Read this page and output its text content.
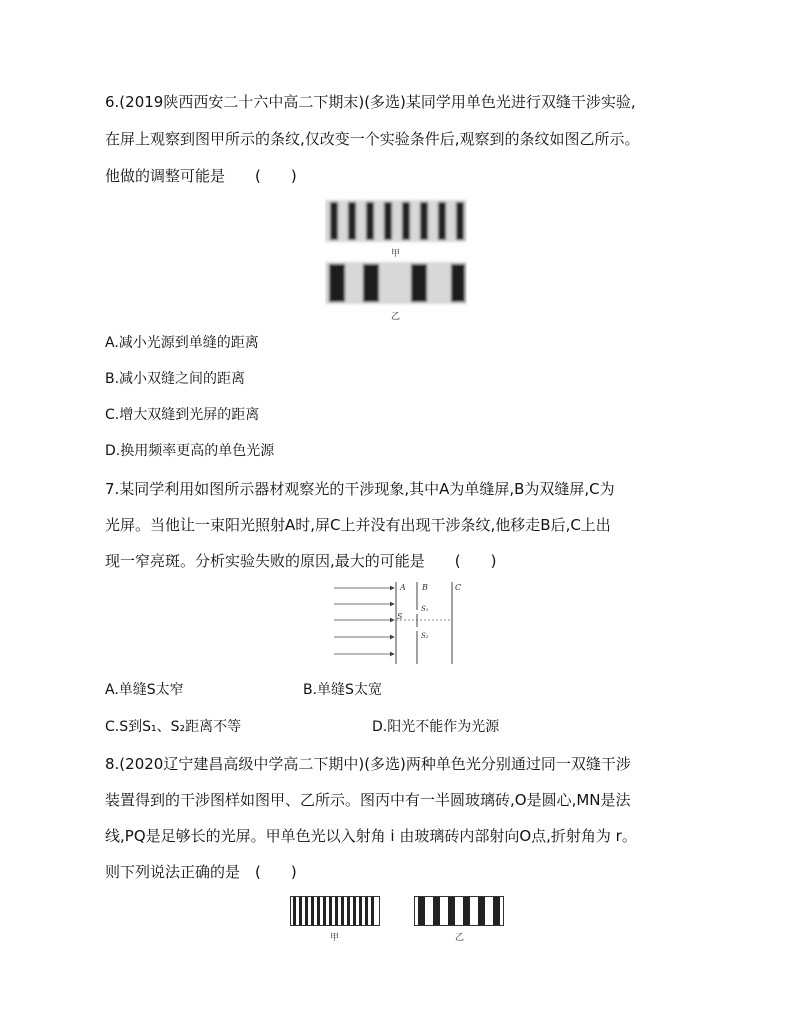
6.(2019陕西西安二十六中高二下期末)(多选)某同学用单色光进行双缝干涉实验,
在屏上观察到图甲所示的条纹,仅改变一个实验条件后,观察到的条纹如图乙所示。
他做的调整可能是　　(　　)
甲
乙
A.减小光源到单缝的距离
B.减小双缝之间的距离
C.增大双缝到光屏的距离
D.换用频率更高的单色光源
7.某同学利用如图所示器材观察光的干涉现象,其中A为单缝屏,B为双缝屏,C为
光屏。当他让一束阳光照射A时,屏C上并没有出现干涉条纹,他移走B后,C上出
现一窄亮斑。分析实验失败的原因,最大的可能是　　(　　)
A B	C
S
S₁
S₂
A.单缝S太窄	B.单缝S太宽
C.S到S₁、S₂距离不等	D.阳光不能作为光源
8.(2020辽宁建昌高级中学高二下期中)(多选)两种单色光分别通过同一双缝干涉
装置得到的干涉图样如图甲、乙所示。图丙中有一半圆玻璃砖,O是圆心,MN是法
线,PQ是足够长的光屏。甲单色光以入射角 i 由玻璃砖内部射向O点,折射角为 r。
则下列说法正确的是　(　　)
甲	乙
